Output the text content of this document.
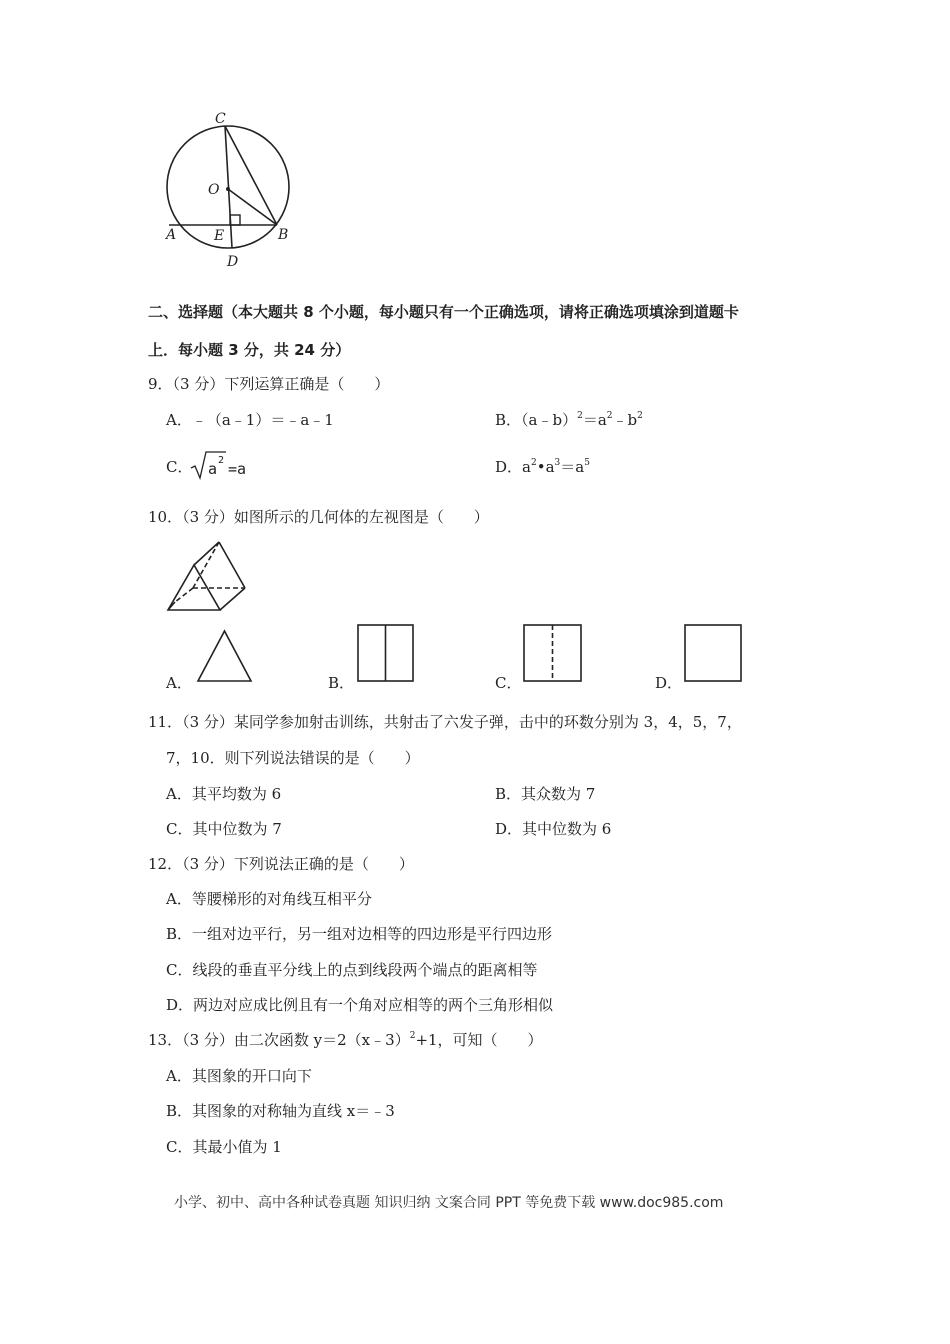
C
O
A	E	B
D
二、选择题（本大题共 8 个小题，每小题只有一个正确选项，请将正确选项填涂到道题卡
上．每小题 3 分，共 24 分）
9．（3 分）下列运算正确是（　　）
A．﹣（a﹣1）＝﹣a﹣1	B．$(a﹣b)^2=a^2﹣b^2$
C． a 2 =a	D．$a^2•a^3=a^5$
10．（3 分）如图所示的几何体的左视图是（　　）
A．	B．	C．	D．
11．（3 分）某同学参加射击训练，共射击了六发子弹，击中的环数分别为 3，4，5，7，
7，10．则下列说法错误的是（　　）
A．其平均数为 6	B．其众数为 7
C．其中位数为 7	D．其中位数为 6
12．（3 分）下列说法正确的是（　　）
A．等腰梯形的对角线互相平分
B．一组对边平行，另一组对边相等的四边形是平行四边形
C．线段的垂直平分线上的点到线段两个端点的距离相等
D．两边对应成比例且有一个角对应相等的两个三角形相似
13．（3 分）由二次函数 y＝2（x﹣3）$^2$+1，可知（　　）
A．其图象的开口向下
B．其图象的对称轴为直线 x＝﹣3
C．其最小值为 1
小学、初中、高中各种试卷真题 知识归纳 文案合同 PPT 等免费下载 www.doc985.com
